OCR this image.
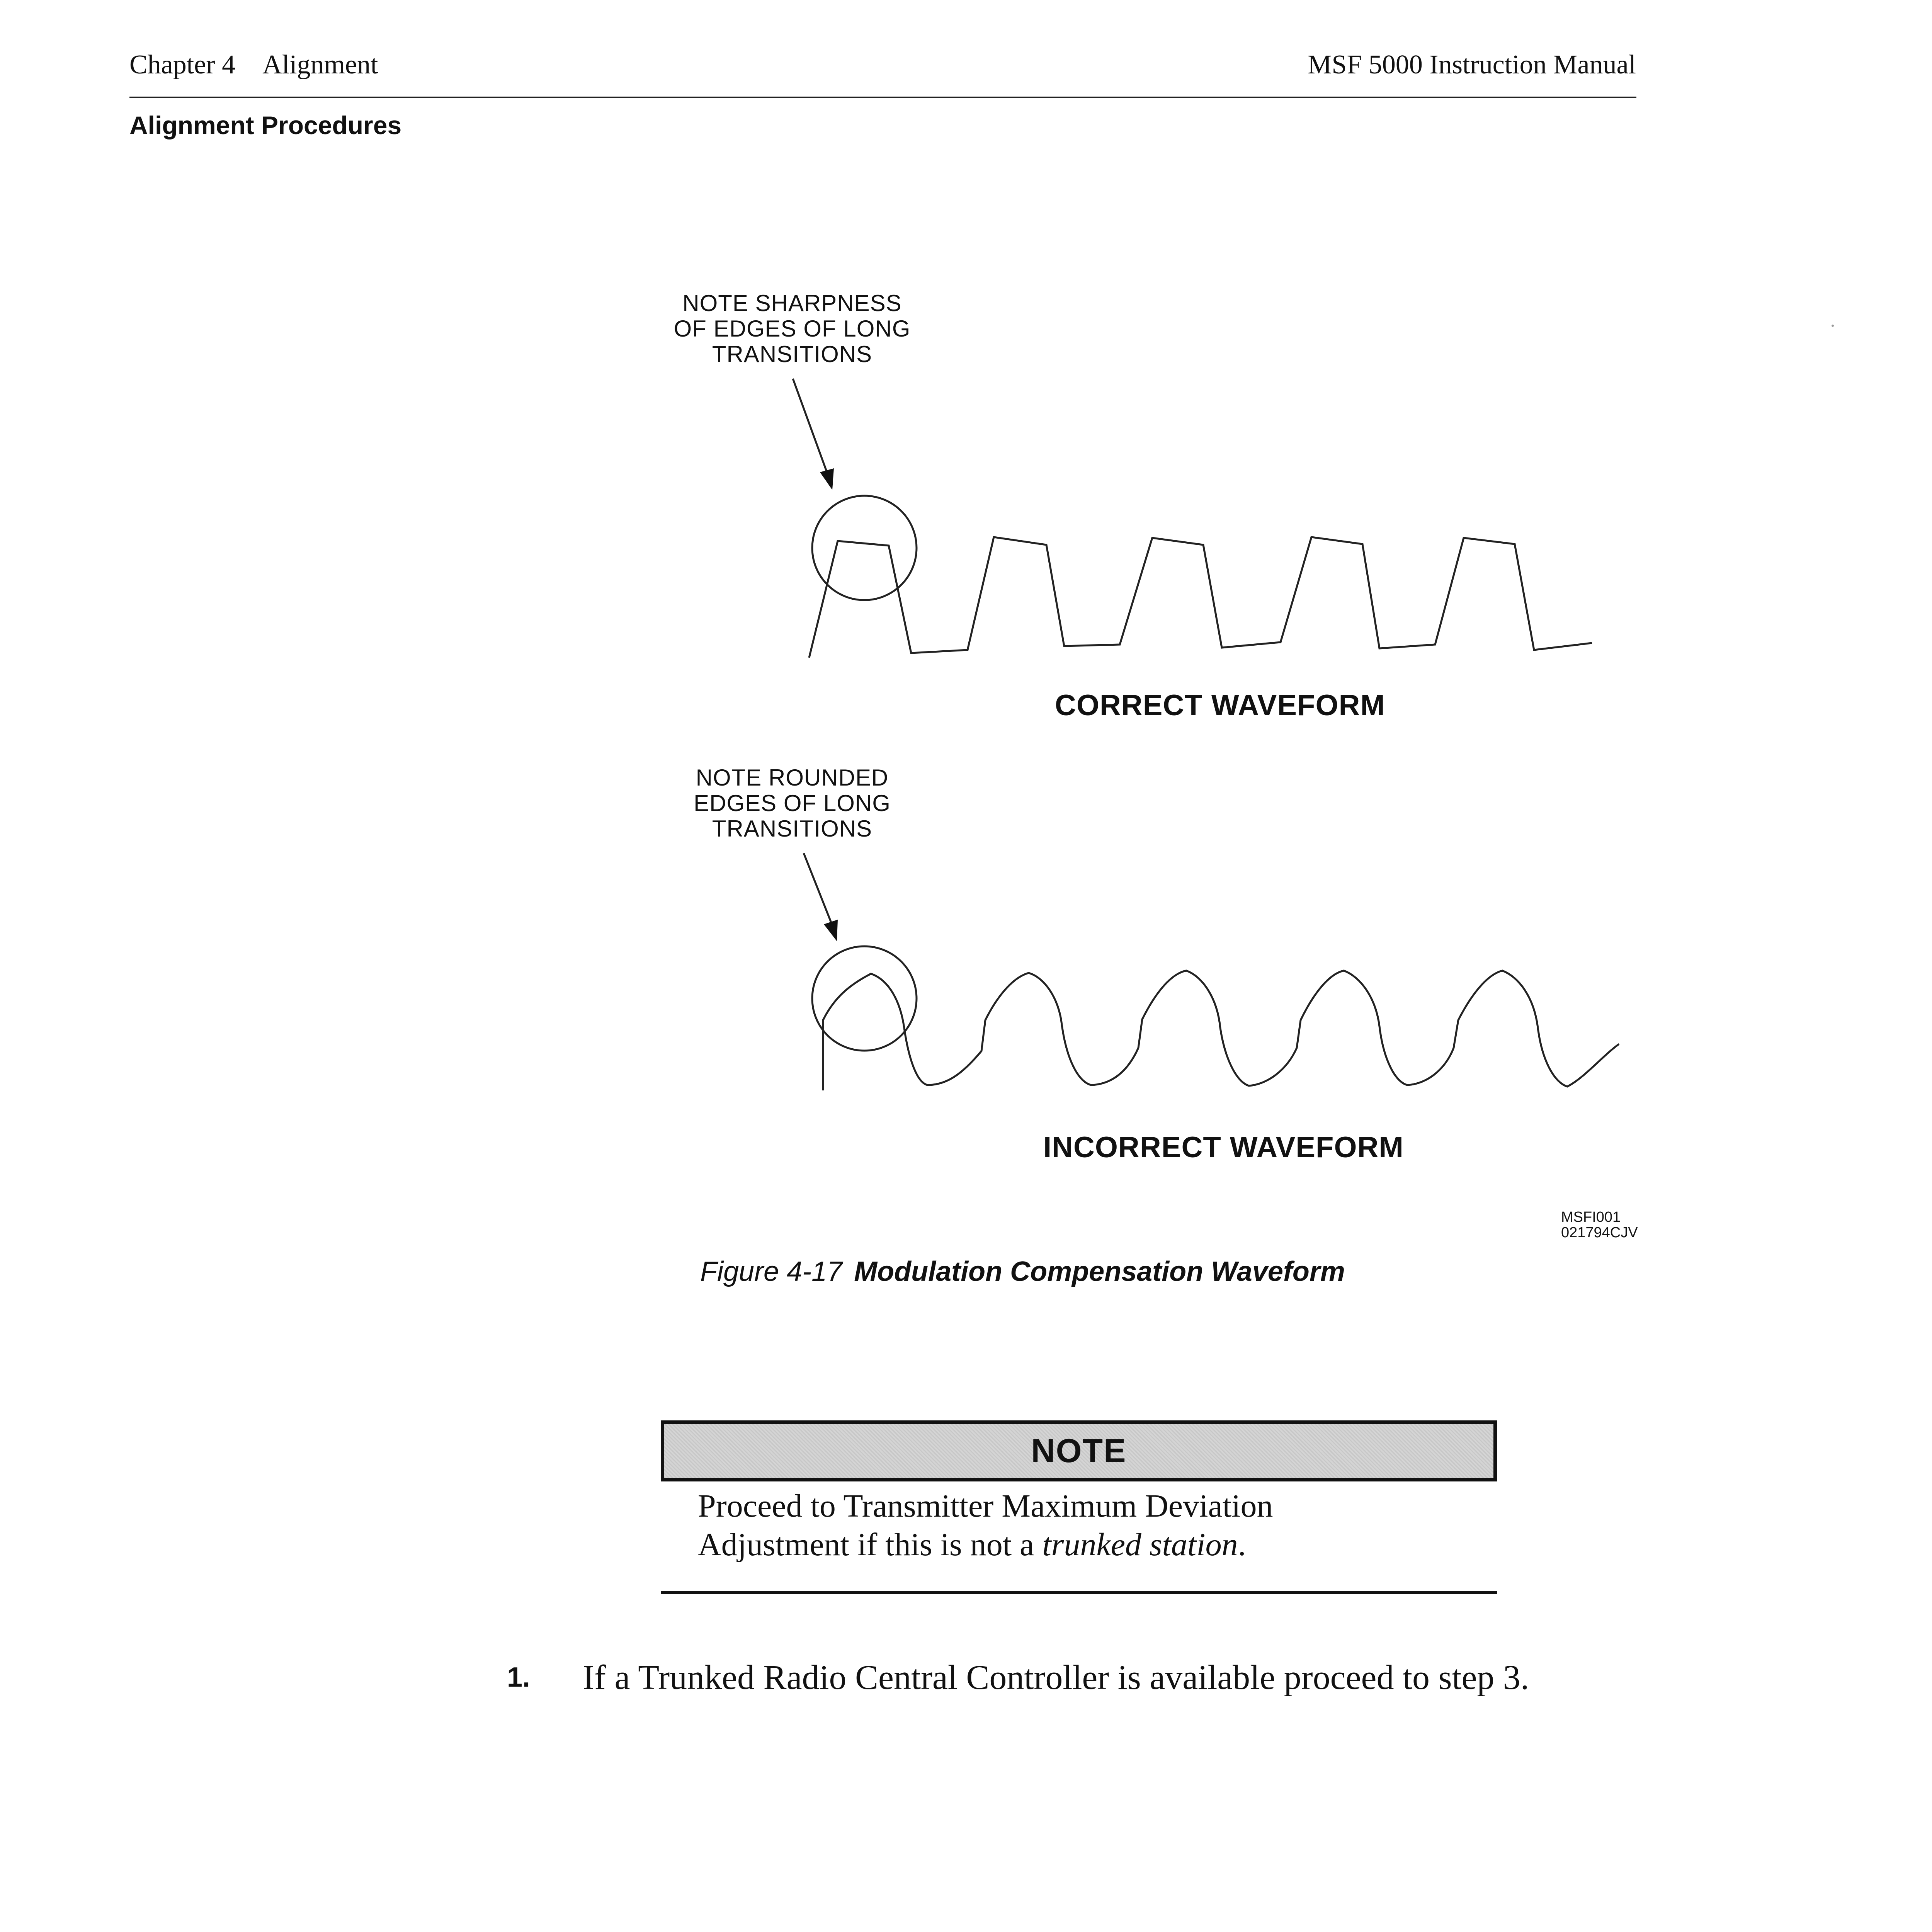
Chapter 4 Alignment	MSF 5000 Instruction Manual
Alignment Procedures
NOTE SHARPNESS
OF EDGES OF LONG
TRANSITIONS
NOTE ROUNDED
EDGES OF LONG
TRANSITIONS
CORRECT WAVEFORM
INCORRECT WAVEFORM
MSFI001
021794CJV
Figure 4-17 Modulation Compensation Waveform
NOTE
Proceed to Transmitter Maximum Deviation
Adjustment if this is not a trunked station.
1. If a Trunked Radio Central Controller is available proceed to step 3.
